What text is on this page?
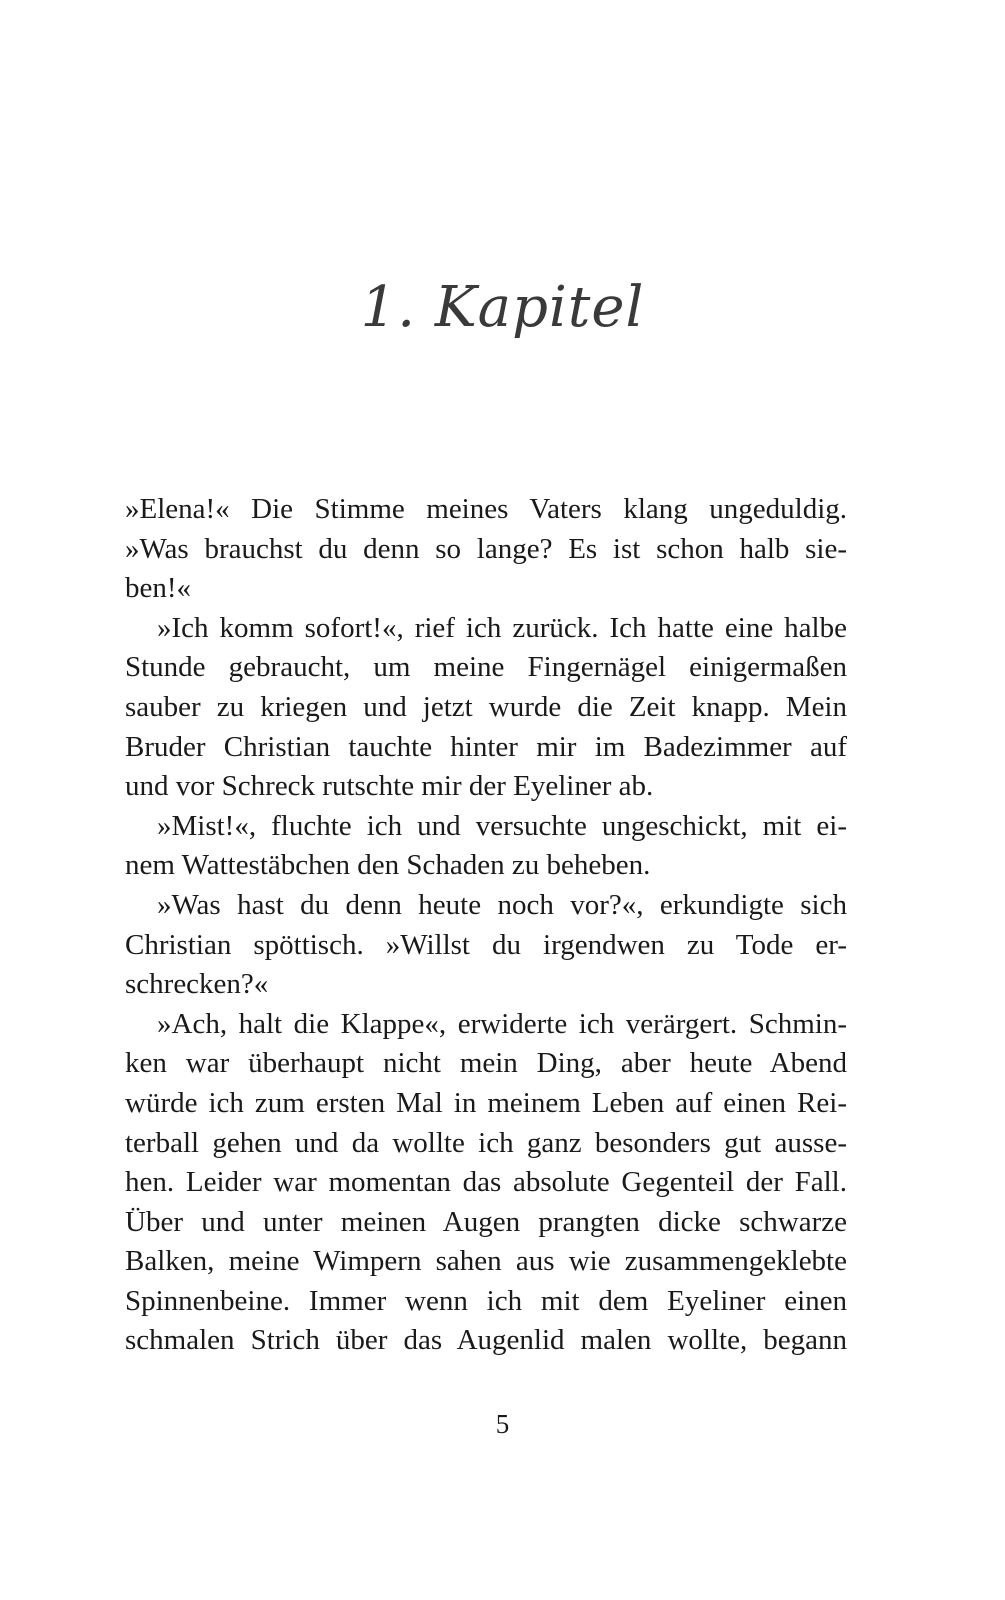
1. Kapitel
»Elena!« Die Stimme meines Vaters klang ungeduldig.
»Was brauchst du denn so lange? Es ist schon halb sie-
ben!«
»Ich komm sofort!«, rief ich zurück. Ich hatte eine halbe
Stunde gebraucht, um meine Fingernägel einigermaßen
sauber zu kriegen und jetzt wurde die Zeit knapp. Mein
Bruder Christian tauchte hinter mir im Badezimmer auf
und vor Schreck rutschte mir der Eyeliner ab.
»Mist!«, fluchte ich und versuchte ungeschickt, mit ei-
nem Wattestäbchen den Schaden zu beheben.
»Was hast du denn heute noch vor?«, erkundigte sich
Christian spöttisch. »Willst du irgendwen zu Tode er-
schrecken?«
»Ach, halt die Klappe«, erwiderte ich verärgert. Schmin-
ken war überhaupt nicht mein Ding, aber heute Abend
würde ich zum ersten Mal in meinem Leben auf einen Rei-
terball gehen und da wollte ich ganz besonders gut ausse-
hen. Leider war momentan das absolute Gegenteil der Fall.
Über und unter meinen Augen prangten dicke schwarze
Balken, meine Wimpern sahen aus wie zusammengeklebte
Spinnenbeine. Immer wenn ich mit dem Eyeliner einen
schmalen Strich über das Augenlid malen wollte, begann
5
